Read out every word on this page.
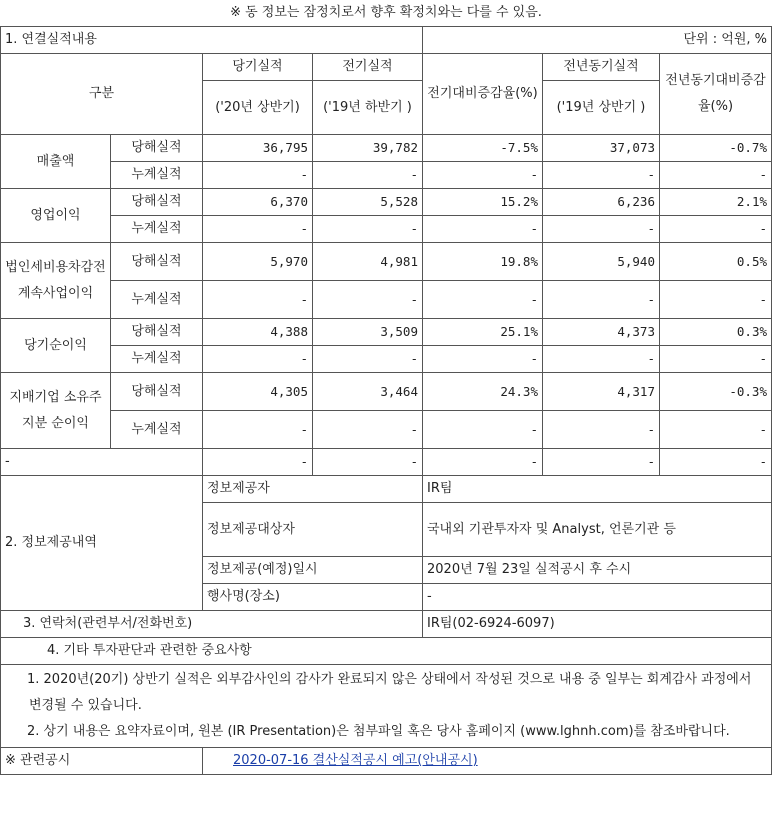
※ 동 정보는 잠정치로서 향후 확정치와는 다를 수 있음.						
1. 연결실적내용				단위 : 억원, %		
구분		당기실적	전기실적	전기대비증감율(%)	전년동기실적	전년동기대비증감율(%)
		('20년 상반기)	('19년 하반기 )		('19년 상반기 )	

매출액	당해실적	36,795	39,782	-7.5%	37,073	-0.7%
	누계실적	-	-	-	-	-
영업이익	당해실적	6,370	5,528	15.2%	6,236	2.1%
	누계실적	-	-	-	-	-
법인세비용차감전계속사업이익	당해실적	5,970	4,981	19.8%	5,940	0.5%
	누계실적	-	-	-	-	-
당기순이익	당해실적	4,388	3,509	25.1%	4,373	0.3%
	누계실적	-	-	-	-	-
지배기업 소유주지분 순이익	당해실적	4,305	3,464	24.3%	4,317	-0.3%
	누계실적	-	-	-	-	-
-		-	-	-	-	-
2. 정보제공내역		정보제공자		IR팀		
		정보제공대상자		국내외 기관투자자 및 Analyst, 언론기관 등		
		정보제공(예정)일시		2020년 7월 23일 실적공시 후 수시		
		행사명(장소)		-		
3. 연락처(관련부서/전화번호)				IR팀(02-6924-6097)		
4. 기타 투자판단과 관련한 중요사항						

1. 2020년(20기) 상반기 실적은 외부감사인의 감사가 완료되지 않은 상태에서 작성된 것으로 내용 중 일부는 회계감사 과정에서 변경될 수 있습니다.
2. 상기 내용은 요약자료이며, 원본 (IR Presentation)은 첨부파일 혹은 당사 홈페이지 (www.lghnh.com)를 참조바랍니다.						

※ 관련공시		2020-07-16 결산실적공시 예고(안내공시)				
